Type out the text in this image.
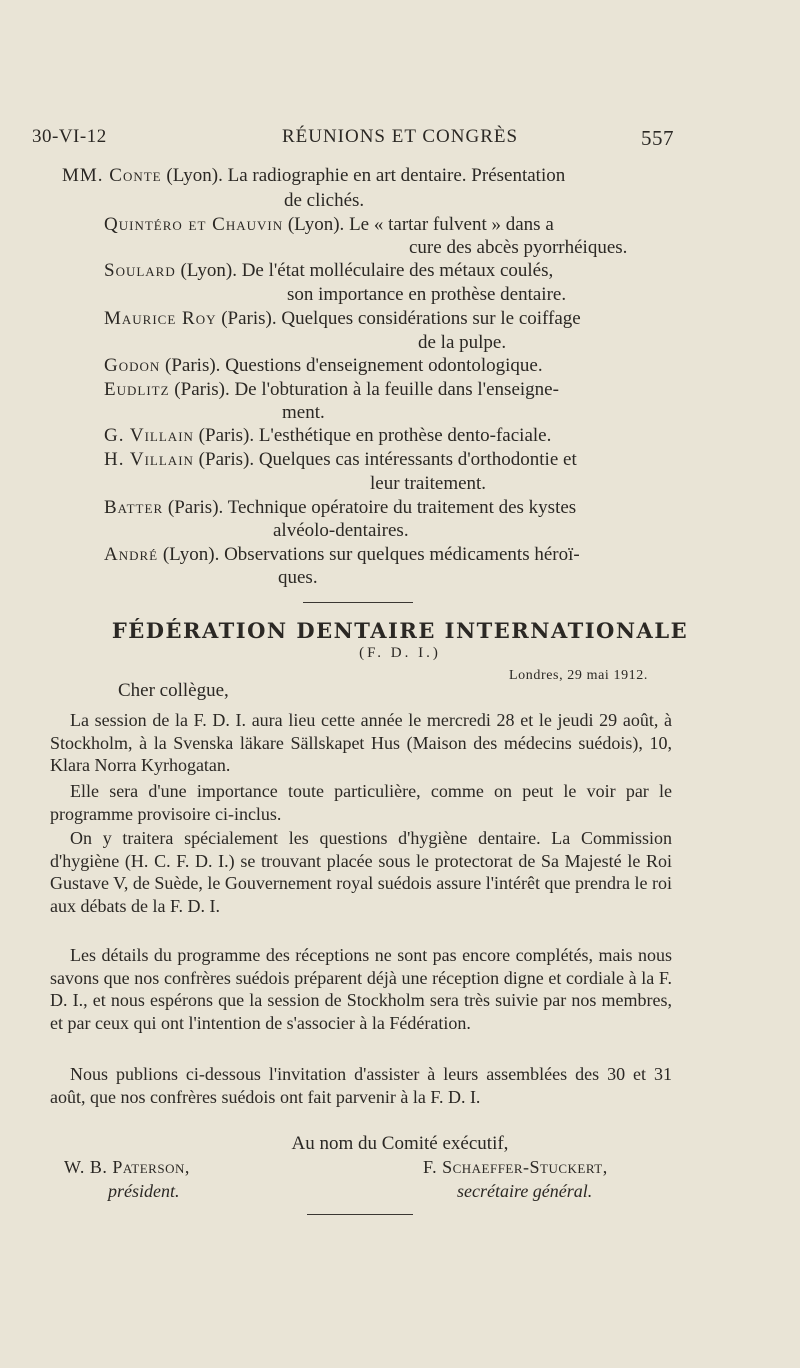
30-VI-12	RÉUNIONS ET CONGRÈS	557
MM. Conte (Lyon). La radiographie en art dentaire. Présentation
de clichés.
Quintéro et Chauvin (Lyon). Le « tartar fulvent » dans a
cure des abcès pyorrhéiques.
Soulard (Lyon). De l'état molléculaire des métaux coulés,
son importance en prothèse dentaire.
Maurice Roy (Paris). Quelques considérations sur le coiffage
de la pulpe.
Godon (Paris). Questions d'enseignement odontologique.
Eudlitz (Paris). De l'obturation à la feuille dans l'enseigne-
ment.
G. Villain (Paris). L'esthétique en prothèse dento-faciale.
H. Villain (Paris). Quelques cas intéressants d'orthodontie et
leur traitement.
Batter (Paris). Technique opératoire du traitement des kystes
alvéolo-dentaires.
André (Lyon). Observations sur quelques médicaments héroï-
ques.
FÉDÉRATION DENTAIRE INTERNATIONALE
(F. D. I.)
Londres, 29 mai 1912.
Cher collègue,
La session de la F. D. I. aura lieu cette année le mercredi 28 et le jeudi 29 août, à Stockholm, à la Svenska läkare Sällskapet Hus (Maison des médecins suédois), 10, Klara Norra Kyrhogatan.
Elle sera d'une importance toute particulière, comme on peut le voir par le programme provisoire ci-inclus.
On y traitera spécialement les questions d'hygiène dentaire. La Commission d'hygiène (H. C. F. D. I.) se trouvant placée sous le protectorat de Sa Majesté le Roi Gustave V, de Suède, le Gouvernement royal suédois assure l'intérêt que prendra le roi aux débats de la F. D. I.
Les détails du programme des réceptions ne sont pas encore complétés, mais nous savons que nos confrères suédois préparent déjà une réception digne et cordiale à la F. D. I., et nous espérons que la session de Stockholm sera très suivie par nos membres, et par ceux qui ont l'intention de s'associer à la Fédération.
Nous publions ci-dessous l'invitation d'assister à leurs assemblées des 30 et 31 août, que nos confrères suédois ont fait parvenir à la F. D. I.
Au nom du Comité exécutif,
W. B. Paterson,
président.
F. Schaeffer-Stuckert,
secrétaire général.
